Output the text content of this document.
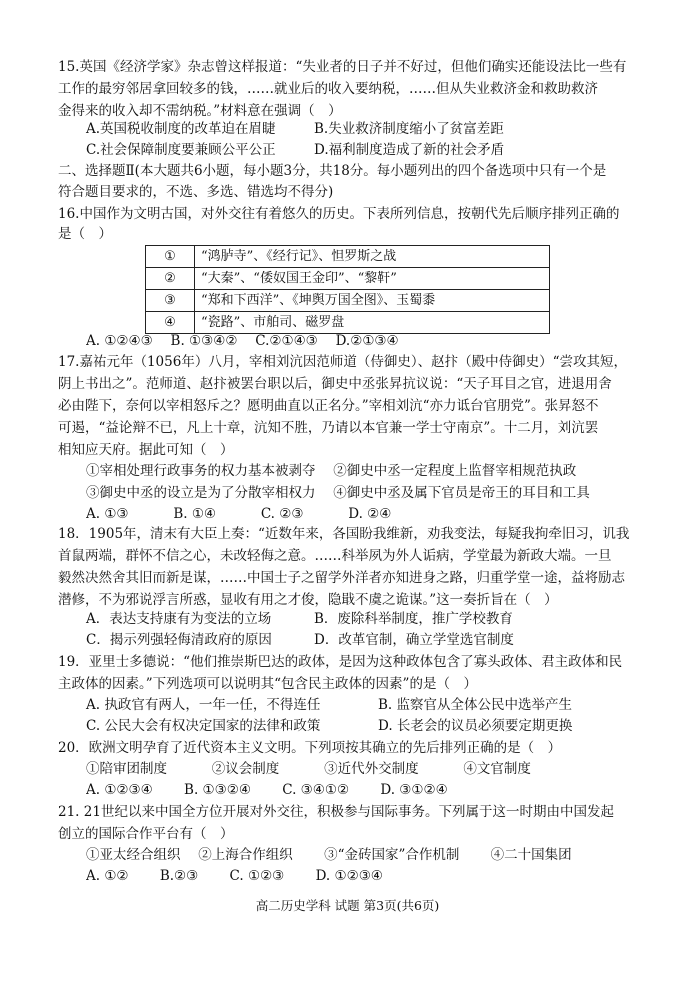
15.英国《经济学家》杂志曾这样报道：“失业者的日子并不好过，但他们确实还能设法比一些有
工作的最穷邻居拿回较多的钱，……就业后的收入要纳税，……但从失业救济金和救助救济
金得来的收入却不需纳税。”材料意在强调（　）
A.英国税收制度的改革迫在眉睫	B.失业救济制度缩小了贫富差距
C.社会保障制度要兼顾公平公正	D.福利制度造成了新的社会矛盾
二、选择题Ⅱ(本大题共6小题，每小题3分，共18分。每小题列出的四个备选项中只有一个是
符合题目要求的，不选、多选、错选均不得分)
16.中国作为文明古国，对外交往有着悠久的历史。下表所列信息，按朝代先后顺序排列正确的
是（　）
①	“鸿胪寺”、《经行记》、怛罗斯之战
②	“大秦”、“倭奴国王金印”、“黎靬”
③	“郑和下西洋”、《坤舆万国全图》、玉蜀黍
④	“瓷路”、市舶司、磁罗盘
A. ①②④③　 B. ①③④②　 C.②①④③　 D.②①③④
17.嘉祐元年（1056年）八月，宰相刘沆因范师道（侍御史）、赵抃（殿中侍御史）“尝攻其短，
阴上书出之”。范师道、赵抃被罢台职以后，御史中丞张昇抗议说：“天子耳目之官，进退用舍
必由陛下，奈何以宰相怒斥之？愿明曲直以正名分。”宰相刘沆“亦力诋台官朋党”。张昇怒不
可遏，“益论辩不已，凡上十章，沆知不胜，乃请以本官兼一学士守南京”。十二月，刘沆罢
相知应天府。据此可知（　）
①宰相处理行政事务的权力基本被剥夺　 ②御史中丞一定程度上监督宰相规范执政
③御史中丞的设立是为了分散宰相权力　 ④御史中丞及属下官员是帝王的耳目和工具
A. ①③　　　 B. ①④　　　 C. ②③　　　 D. ②④
18．1905年，清末有大臣上奏：“近数年来，各国盼我维新，劝我变法，每疑我拘牵旧习，讥我
首鼠两端，群怀不信之心，未改轻侮之意。……科举夙为外人诟病，学堂最为新政大端。一旦
毅然决然舍其旧而新是谋，……中国士子之留学外洋者亦知进身之路，归重学堂一途，益将励志
潜修，不为邪说浮言所惑，显收有用之才俊，隐戢不虞之诡谋。”这一奏折旨在（　）
A．表达支持康有为变法的立场	B．废除科举制度，推广学校教育
C．揭示列强轻侮清政府的原因	D．改革官制，确立学堂选官制度
19．亚里士多德说：“他们推崇斯巴达的政体，是因为这种政体包含了寡头政体、君主政体和民
主政体的因素。”下列选项可以说明其“包含民主政体的因素”的是（　）
A. 执政官有两人，一年一任，不得连任	B. 监察官从全体公民中选举产生
C. 公民大会有权决定国家的法律和政策	D. 长老会的议员必须要定期更换
20．欧洲文明孕育了近代资本主义文明。下列项按其确立的先后排列正确的是（　）
①陪审团制度　　　 ②议会制度　　　 ③近代外交制度　　　 ④文官制度
A. ①②③④　　 B. ①③②④　　 C. ③④①②　　 D. ③①②④
21. 21世纪以来中国全方位开展对外交往，积极参与国际事务。下列属于这一时期由中国发起
创立的国际合作平台有（　）
①亚太经合组织　 ②上海合作组织　　 ③“金砖国家”合作机制　　 ④二十国集团
A. ①②　　 B.②③　　 C. ①②③　　 D. ①②③④
高二历史学科 试题 第3页(共6页)
